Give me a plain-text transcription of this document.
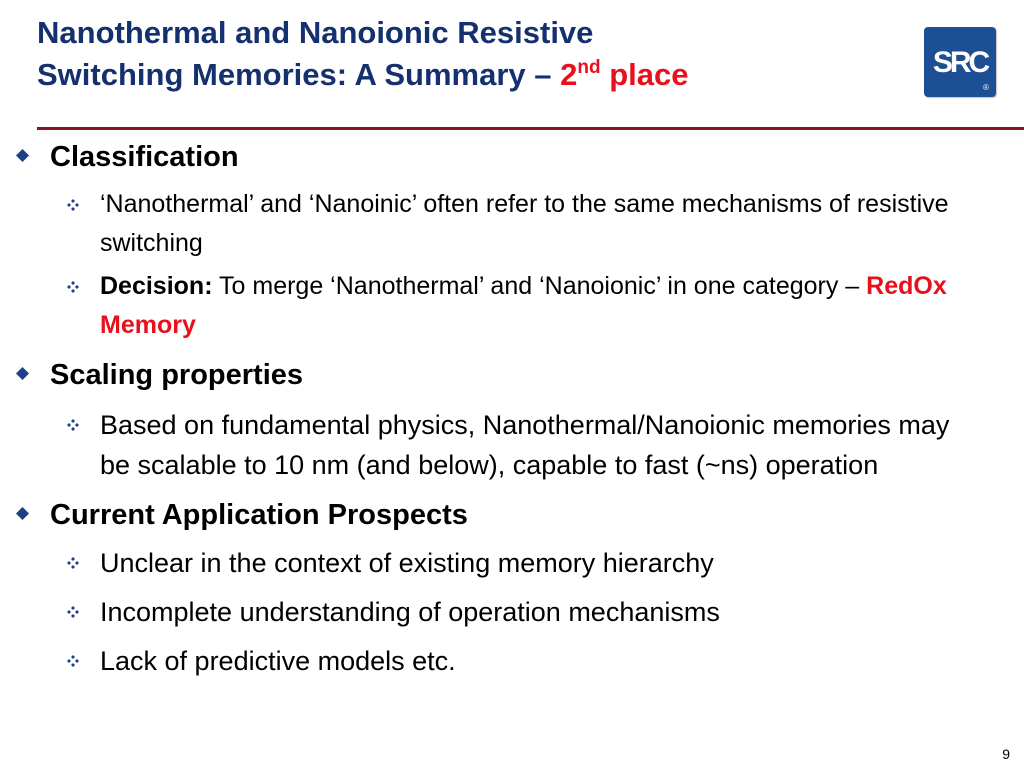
Nanothermal and Nanoionic Resistive
Switching Memories: A Summary – 2nd place	SRC
®
Classification
‘Nanothermal’ and ‘Nanoinic’ often refer to the same mechanisms of resistive switching
Decision: To merge ‘Nanothermal’ and ‘Nanoionic’ in one category – RedOx Memory
Scaling properties
Based on fundamental physics, Nanothermal/Nanoionic memories may be scalable to 10 nm (and below), capable to fast (~ns) operation
Current Application Prospects
Unclear in the context of existing memory hierarchy
Incomplete understanding of operation mechanisms
Lack of predictive models etc.
9
